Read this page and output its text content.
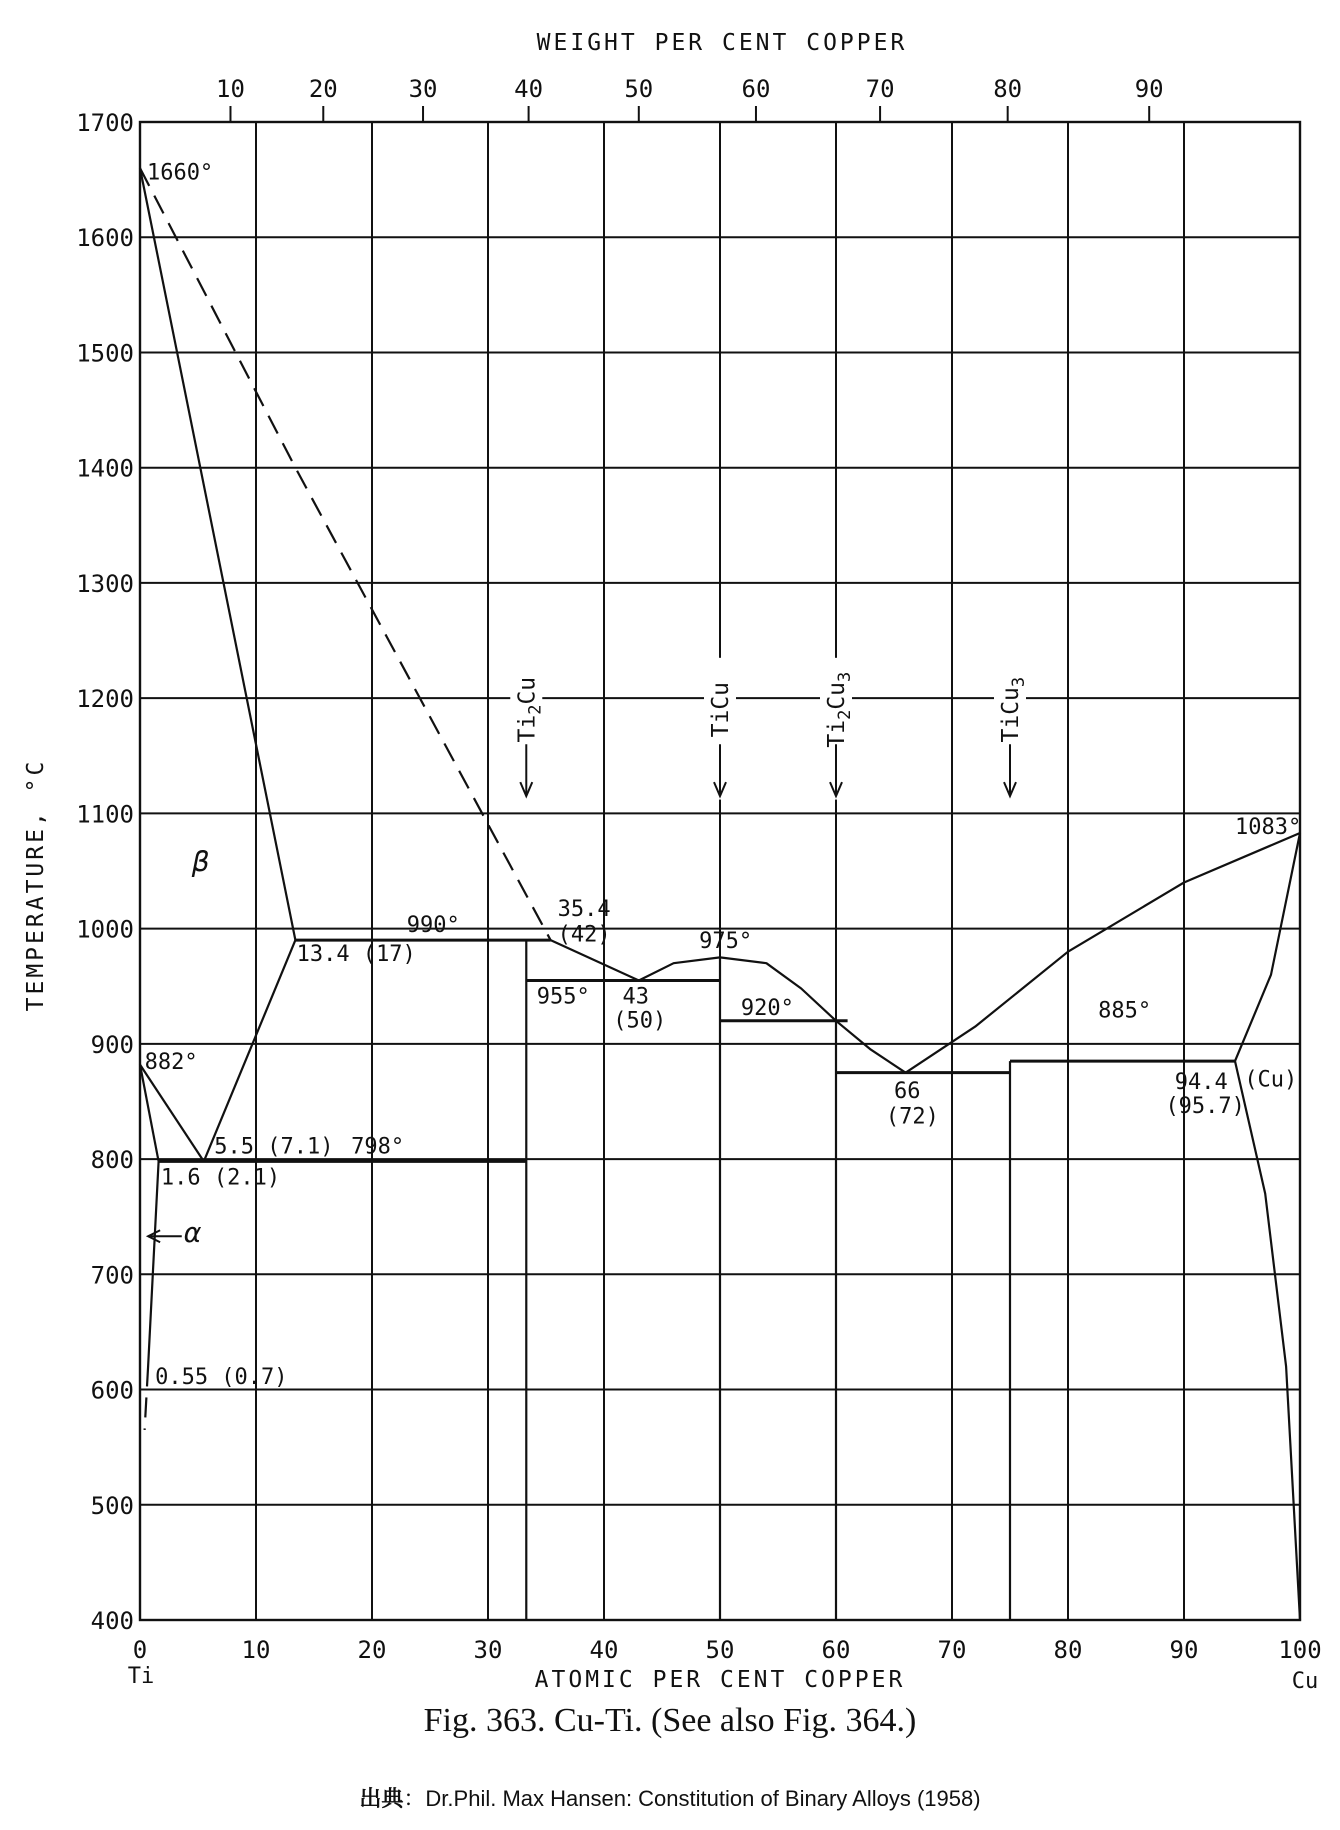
0	10	20	30	40	50	60	70	80	90	100
400
500
600
700
800
900
1000
1100
1200
1300
1400
1500
1600
1700
10	20	30	40	50	60	70	80	90
$Ti_2Cu$	TiCu	$Ti_2Cu_3$
TiCu$_3$
1660°
β
990°
13.4 (17)
35.4
(42)	975°
955° 43
(50)
920°	885°
1083°
882°
5.5 (7.1) 798°
1.6 (2.1)
α
0.55 (0.7)
66
(72)
94.4
(95.7)
(Cu)
ATOMIC PER CENT COPPER
WEIGHT PER CENT COPPER
TEMPERATURE, °C
Ti	Cu
Fig. 363. Cu-Ti. (See also Fig. 364.)
出典：Dr.Phil. Max Hansen: Constitution of Binary Alloys (1958)
